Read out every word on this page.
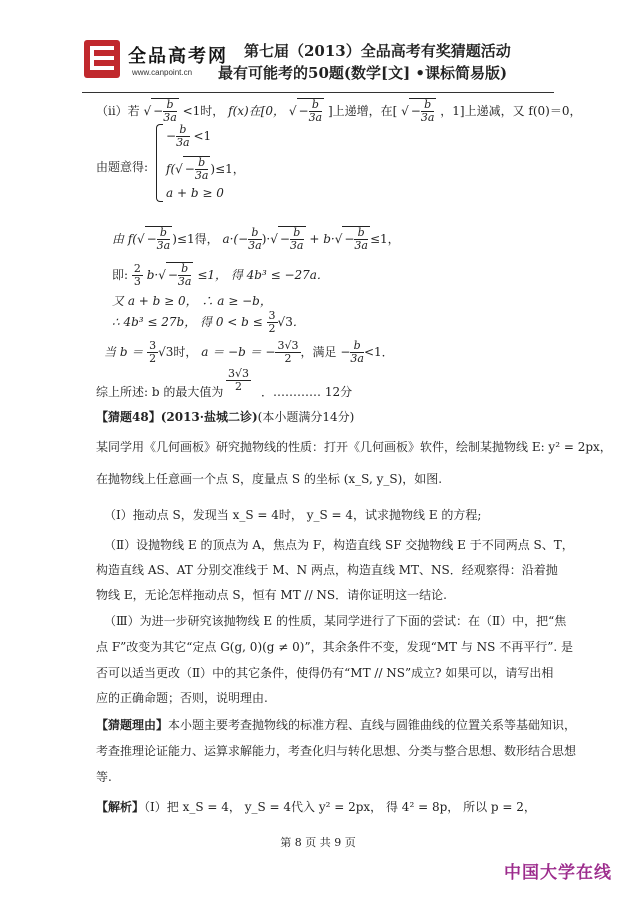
全品高考网
www.canpoint.cn
第七届（2013）全品高考有奖猜题活动
最有可能考的50题(数学[文] •课标简易版)
（ⅱ）若 √ − $\frac{b}{3a} <1$时， f(x)在[0， √ − $\frac{b}{3a}$ ]上递增，在[ √ − $\frac{b}{3a}$ ，1]上递减，又 f(0)＝0，
由题意得:
− $\frac{b}{3a} <1$
$f(√ - \frac{b}{3a} )\le 1$，
a + b ≥ 0
由 $f(√ - \frac{b}{3a} )\le 1$得， $a\cdot(- \frac{b}{3a}$ )·√ − $\frac{b}{3a} + b\cdot√ - \frac{b}{3a} \le 1$，
即: $\frac{2}{3} b\cdot√ - \frac{b}{3a} \le 1$， 得 4b³ ≤ −27a．
又 a + b ≥ 0， ∴ a ≥ −b，
∴ 4b³ ≤ 27b， 得 $0 < b \le \frac{3}{2} √3$．
当 $b = \frac{3}{2} √3$时， a ＝ −b ＝ − $\frac{3√3}{2}$ ，满足 − $\frac{b}{3a} <1$．
$\frac{3√3}{2}$
综上所述: b 的最大值为	．………… 12分
【猜题48】(2013·盐城二诊)(本小题满分14分)
某同学用《几何画板》研究抛物线的性质：打开《几何画板》软件，绘制某抛物线 E: y² = 2px，
在抛物线上任意画一个点 S，度量点 S 的坐标 (x_S, y_S)，如图.
（Ⅰ）拖动点 S，发现当 x_S = 4时， y_S = 4，试求抛物线 E 的方程;
（Ⅱ）设抛物线 E 的顶点为 A，焦点为 F，构造直线 SF 交抛物线 E 于不同两点 S、T，
构造直线 AS、AT 分别交准线于 M、N 两点，构造直线 MT、NS．经观察得：沿着抛
物线 E，无论怎样拖动点 S，恒有 MT // NS．请你证明这一结论.
（Ⅲ）为进一步研究该抛物线 E 的性质，某同学进行了下面的尝试：在（Ⅱ）中，把“焦
点 F”改变为其它“定点 G(g, 0)(g ≠ 0)”，其余条件不变，发现“MT 与 NS 不再平行”. 是
否可以适当更改（Ⅱ）中的其它条件，使得仍有“MT // NS”成立? 如果可以，请写出相
应的正确命题；否则，说明理由.
【猜题理由】本小题主要考查抛物线的标准方程、直线与圆锥曲线的位置关系等基础知识，
考查推理论证能力、运算求解能力，考查化归与转化思想、分类与整合思想、数形结合思想
等.
【解析】（Ⅰ）把 x_S = 4， y_S = 4代入 y² = 2px， 得 4² = 8p， 所以 p = 2，
第 8 页 共 9 页
中国大学在线
